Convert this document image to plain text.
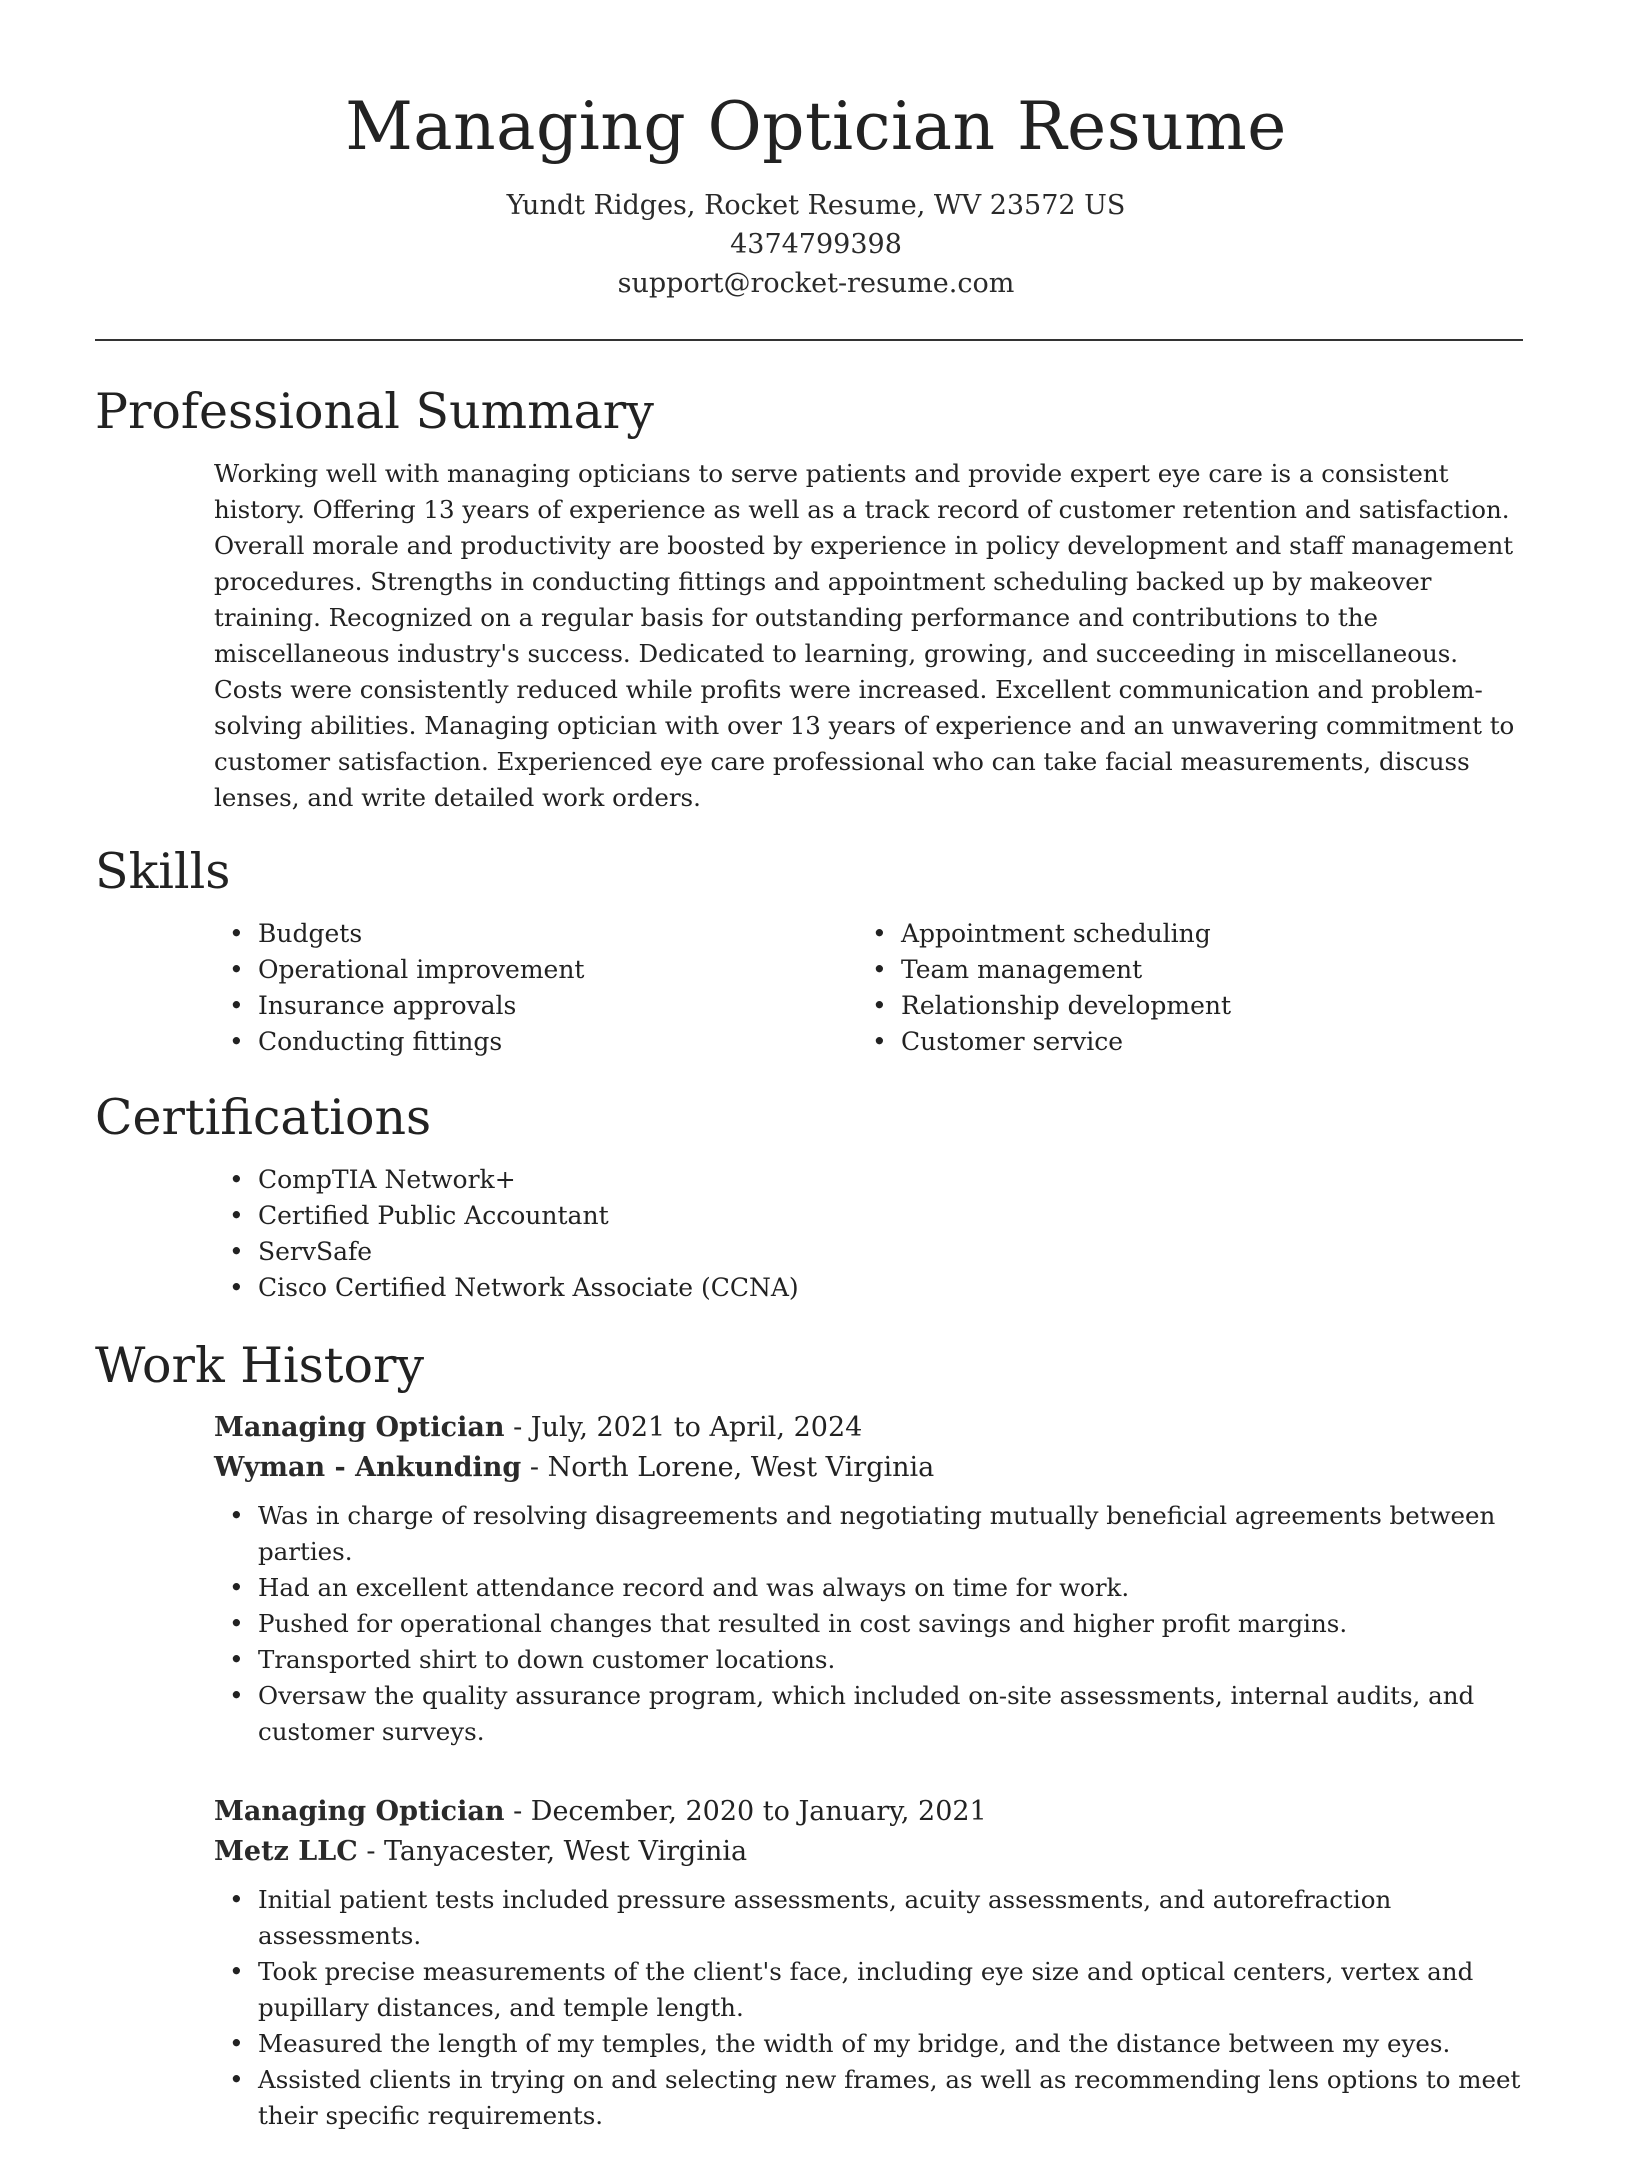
Managing Optician Resume
Yundt Ridges, Rocket Resume, WV 23572 US
4374799398
support@rocket-resume.com
Professional Summary
Working well with managing opticians to serve patients and provide expert eye care is a consistent history. Offering 13 years of experience as well as a track record of customer retention and satisfaction. Overall morale and productivity are boosted by experience in policy development and staff management procedures. Strengths in conducting fittings and appointment scheduling backed up by makeover training. Recognized on a regular basis for outstanding performance and contributions to the miscellaneous industry's success. Dedicated to learning, growing, and succeeding in miscellaneous. Costs were consistently reduced while profits were increased. Excellent communication and problem-solving abilities. Managing optician with over 13 years of experience and an unwavering commitment to customer satisfaction. Experienced eye care professional who can take facial measurements, discuss lenses, and write detailed work orders.
Skills
• Budgets
• Operational improvement
• Insurance approvals
• Conducting fittings
• Appointment scheduling
• Team management
• Relationship development
• Customer service
Certifications
• CompTIA Network+
• Certified Public Accountant
• ServSafe
• Cisco Certified Network Associate (CCNA)
Work History
Managing Optician - July, 2021 to April, 2024
Wyman - Ankunding - North Lorene, West Virginia
• Was in charge of resolving disagreements and negotiating mutually beneficial agreements between parties.
• Had an excellent attendance record and was always on time for work.
• Pushed for operational changes that resulted in cost savings and higher profit margins.
• Transported shirt to down customer locations.
• Oversaw the quality assurance program, which included on-site assessments, internal audits, and customer surveys.
Managing Optician - December, 2020 to January, 2021
Metz LLC - Tanyacester, West Virginia
• Initial patient tests included pressure assessments, acuity assessments, and autorefraction assessments.
• Took precise measurements of the client's face, including eye size and optical centers, vertex and pupillary distances, and temple length.
• Measured the length of my temples, the width of my bridge, and the distance between my eyes.
• Assisted clients in trying on and selecting new frames, as well as recommending lens options to meet their specific requirements.
